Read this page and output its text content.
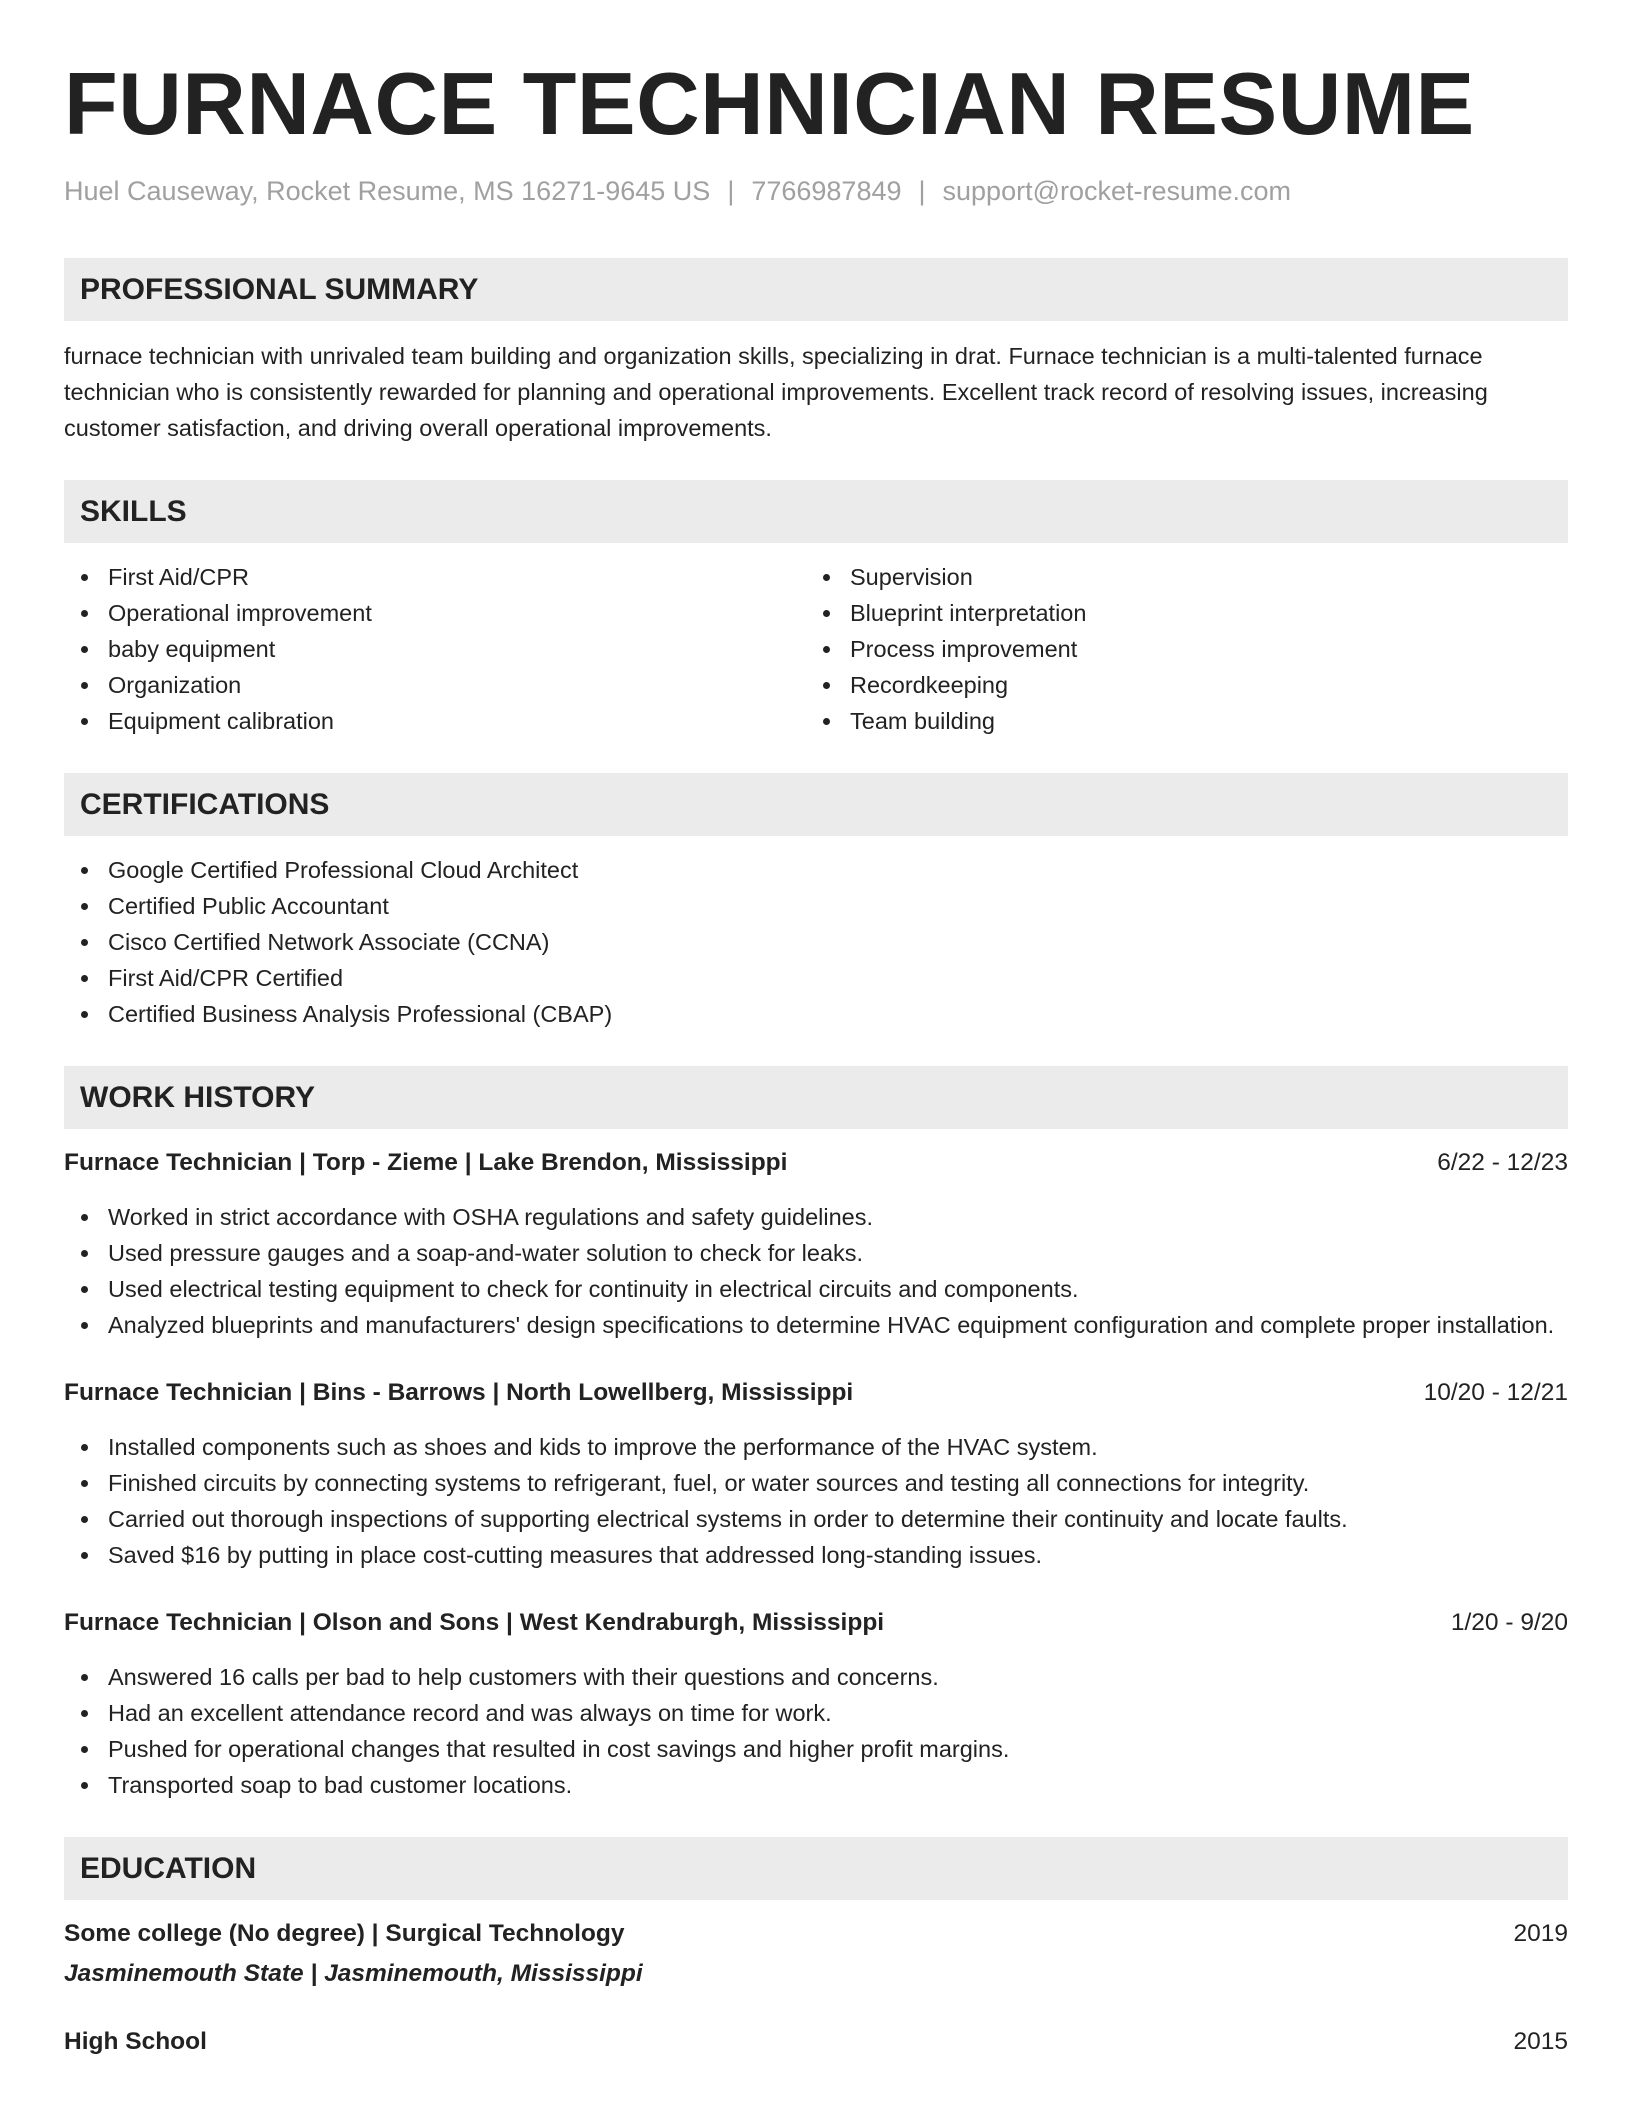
FURNACE TECHNICIAN RESUME
Huel Causeway, Rocket Resume, MS 16271-9645 US | 7766987849 | support@rocket-resume.com
PROFESSIONAL SUMMARY

furnace technician with unrivaled team building and organization skills, specializing in drat. Furnace technician is a multi-talented furnace technician who is consistently rewarded for planning and operational improvements. Excellent track record of resolving issues, increasing customer satisfaction, and driving overall operational improvements.

SKILLS
First Aid/CPR
Operational improvement
baby equipment
Organization
Equipment calibration
Supervision
Blueprint interpretation
Process improvement
Recordkeeping
Team building
CERTIFICATIONS
Google Certified Professional Cloud Architect
Certified Public Accountant
Cisco Certified Network Associate (CCNA)
First Aid/CPR Certified
Certified Business Analysis Professional (CBAP)
WORK HISTORY
Furnace Technician | Torp - Zieme | Lake Brendon, Mississippi	6/22 - 12/23
Worked in strict accordance with OSHA regulations and safety guidelines.
Used pressure gauges and a soap-and-water solution to check for leaks.
Used electrical testing equipment to check for continuity in electrical circuits and components.
Analyzed blueprints and manufacturers' design specifications to determine HVAC equipment configuration and complete proper installation.
Furnace Technician | Bins - Barrows | North Lowellberg, Mississippi	10/20 - 12/21
Installed components such as shoes and kids to improve the performance of the HVAC system.
Finished circuits by connecting systems to refrigerant, fuel, or water sources and testing all connections for integrity.
Carried out thorough inspections of supporting electrical systems in order to determine their continuity and locate faults.
Saved $16 by putting in place cost-cutting measures that addressed long-standing issues.
Furnace Technician | Olson and Sons | West Kendraburgh, Mississippi	1/20 - 9/20
Answered 16 calls per bad to help customers with their questions and concerns.
Had an excellent attendance record and was always on time for work.
Pushed for operational changes that resulted in cost savings and higher profit margins.
Transported soap to bad customer locations.
EDUCATION
Some college (No degree) | Surgical Technology	2019
Jasminemouth State | Jasminemouth, Mississippi
High School	2015
